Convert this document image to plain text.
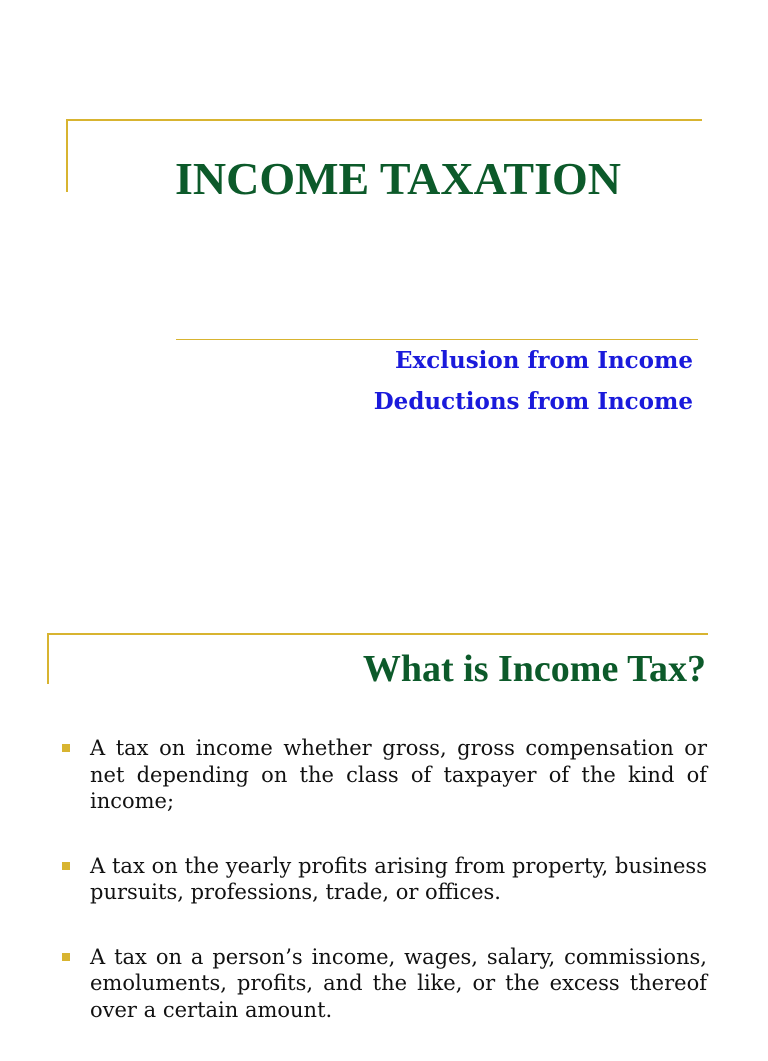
INCOME TAXATION
Exclusion from Income
Deductions from Income
What is Income Tax?
A tax on income whether gross, gross compensation or net depending on the class of taxpayer of the kind of income;
A tax on the yearly profits arising from property, business pursuits, professions, trade, or offices.
A tax on a person’s income, wages, salary, commissions, emoluments, profits, and the like, or the excess thereof over a certain amount.
